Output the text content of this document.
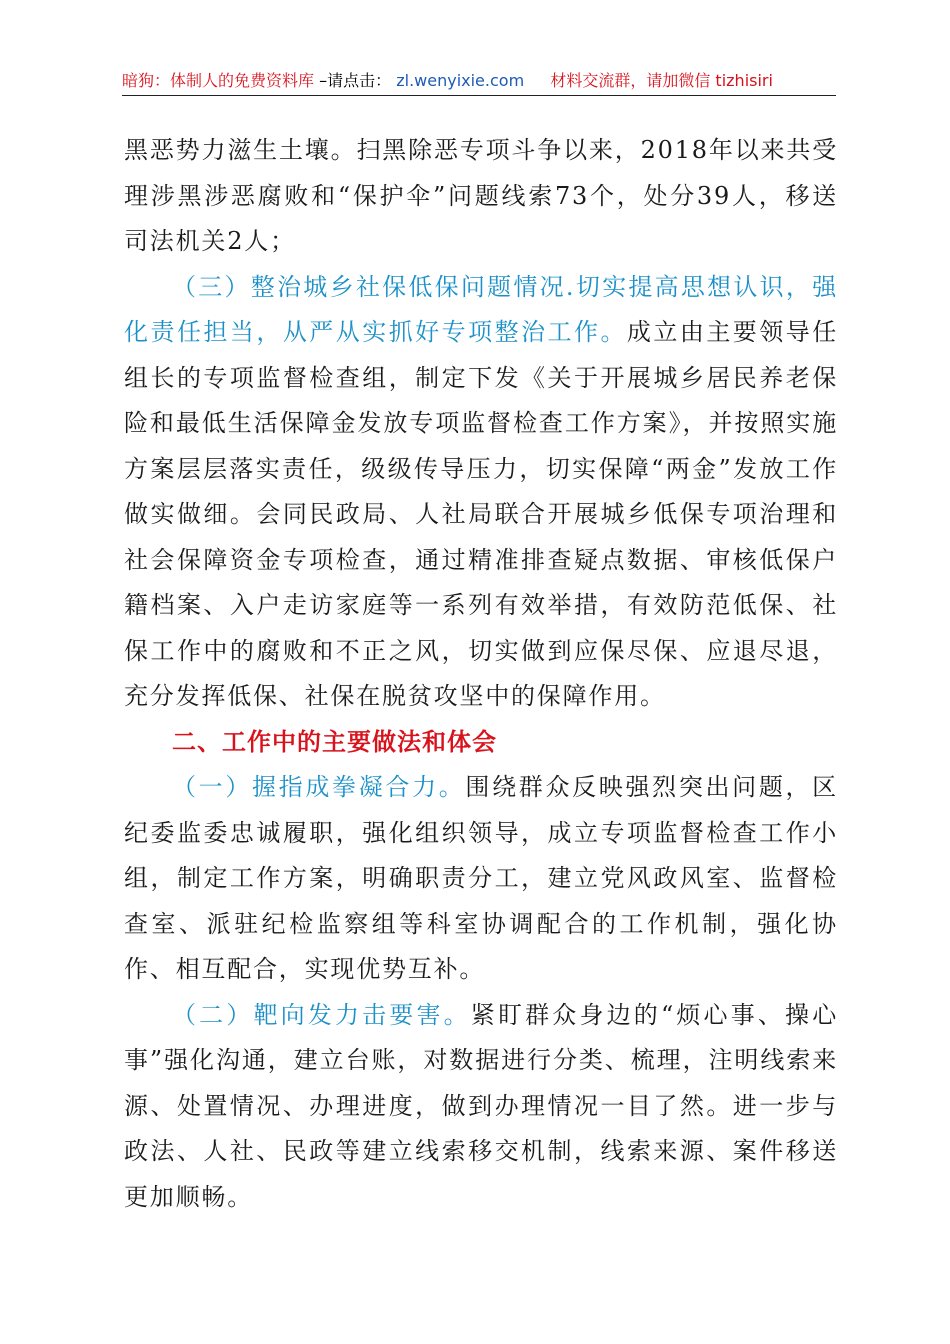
暗狗：体制人的免费资料库 –请点击： zl.wenyixie.com 材料交流群，请加微信 tizhisiri

黑恶势力滋生土壤。扫黑除恶专项斗争以来，2018年以来共受理涉黑涉恶腐败和“保护伞”问题线索73个，处分39人，移送司法机关2人；

（三）整治城乡社保低保问题情况.切实提高思想认识，强化责任担当，从严从实抓好专项整治工作。成立由主要领导任组长的专项监督检查组，制定下发《关于开展城乡居民养老保险和最低生活保障金发放专项监督检查工作方案》，并按照实施方案层层落实责任，级级传导压力，切实保障“两金”发放工作做实做细。会同民政局、人社局联合开展城乡低保专项治理和社会保障资金专项检查，通过精准排查疑点数据、审核低保户籍档案、入户走访家庭等一系列有效举措，有效防范低保、社保工作中的腐败和不正之风，切实做到应保尽保、应退尽退，充分发挥低保、社保在脱贫攻坚中的保障作用。

二、工作中的主要做法和体会

（一）握指成拳凝合力。围绕群众反映强烈突出问题，区纪委监委忠诚履职，强化组织领导，成立专项监督检查工作小组，制定工作方案，明确职责分工，建立党风政风室、监督检查室、派驻纪检监察组等科室协调配合的工作机制，强化协作、相互配合，实现优势互补。

（二）靶向发力击要害。紧盯群众身边的“烦心事、操心事”强化沟通，建立台账，对数据进行分类、梳理，注明线索来源、处置情况、办理进度，做到办理情况一目了然。进一步与政法、人社、民政等建立线索移交机制，线索来源、案件移送更加顺畅。
